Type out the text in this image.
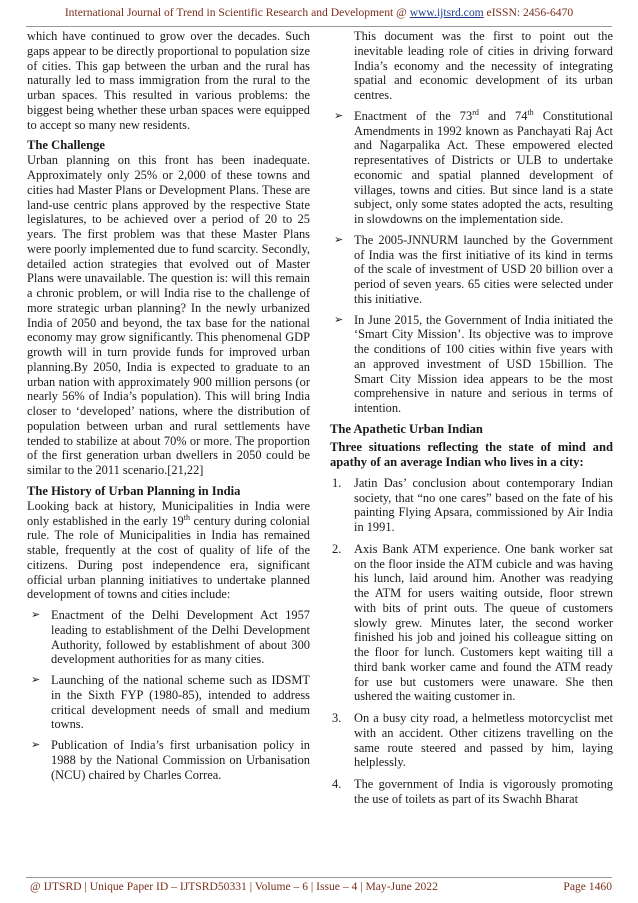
International Journal of Trend in Scientific Research and Development @ www.ijtsrd.com eISSN: 2456-6470

which have continued to grow over the decades. Such gaps appear to be directly proportional to population size of cities. This gap between the urban and the rural has naturally led to mass immigration from the rural to the urban spaces. This resulted in various problems: the biggest being whether these urban spaces were equipped to accept so many new residents.

The Challenge

Urban planning on this front has been inadequate. Approximately only 25% or 2,000 of these towns and cities had Master Plans or Development Plans. These are land-use centric plans approved by the respective State legislatures, to be achieved over a period of 20 to 25 years. The first problem was that these Master Plans were poorly implemented due to fund scarcity. Secondly, detailed action strategies that evolved out of Master Plans were unavailable. The question is: will this remain a chronic problem, or will India rise to the challenge of more strategic urban planning? In the newly urbanized India of 2050 and beyond, the tax base for the national economy may grow significantly. This phenomenal GDP growth will in turn provide funds for improved urban planning.By 2050, India is expected to graduate to an urban nation with approximately 900 million persons (or nearly 56% of India’s population). This will bring India closer to ‘developed’ nations, where the distribution of population between urban and rural settlements have tended to stabilize at about 70% or more. The proportion of the first generation urban dwellers in 2050 could be similar to the 2011 scenario.[21,22]

The History of Urban Planning in India

Looking back at history, Municipalities in India were only established in the early 19th century during colonial rule. The role of Municipalities in India has remained stable, frequently at the cost of quality of life of the citizens. During post independence era, significant official urban planning initiatives to undertake planned development of towns and cities include:

➢ Enactment of the Delhi Development Act 1957 leading to establishment of the Delhi Development Authority, followed by establishment of about 300 development authorities for as many cities.
➢ Launching of the national scheme such as IDSMT in the Sixth FYP (1980-85), intended to address critical development needs of small and medium towns.
➢ Publication of India’s first urbanisation policy in 1988 by the National Commission on Urbanisation (NCU) chaired by Charles Correa.

This document was the first to point out the inevitable leading role of cities in driving forward India’s economy and the necessity of integrating spatial and economic development of its urban centres.

➢ Enactment of the 73rd and 74th Constitutional Amendments in 1992 known as Panchayati Raj Act and Nagarpalika Act. These empowered elected representatives of Districts or ULB to undertake economic and spatial planned development of villages, towns and cities. But since land is a state subject, only some states adopted the acts, resulting in slowdowns on the implementation side.
➢ The 2005-JNNURM launched by the Government of India was the first initiative of its kind in terms of the scale of investment of USD 20 billion over a period of seven years. 65 cities were selected under this initiative.
➢ In June 2015, the Government of India initiated the ‘Smart City Mission’. Its objective was to improve the conditions of 100 cities within five years with an approved investment of USD 15billion. The Smart City Mission idea appears to be the most comprehensive in nature and serious in terms of intention.
The Apathetic Urban Indian
Three situations reflecting the state of mind and apathy of an average Indian who lives in a city:
1. Jatin Das’ conclusion about contemporary Indian society, that “no one cares” based on the fate of his painting Flying Apsara, commissioned by Air India in 1991.
2. Axis Bank ATM experience. One bank worker sat on the floor inside the ATM cubicle and was having his lunch, laid around him. Another was readying the ATM for users waiting outside, floor strewn with bits of print outs. The queue of customers slowly grew. Minutes later, the second worker finished his job and joined his colleague sitting on the floor for lunch. Customers kept waiting till a third bank worker came and found the ATM ready for use but customers were unaware. She then ushered the waiting customer in.
3. On a busy city road, a helmetless motorcyclist met with an accident. Other citizens travelling on the same route steered and passed by him, laying helplessly.
4. The government of India is vigorously promoting the use of toilets as part of its Swachh Bharat
@ IJTSRD | Unique Paper ID – IJTSRD50331 | Volume – 6 | Issue – 4 | May-June 2022	Page 1460
